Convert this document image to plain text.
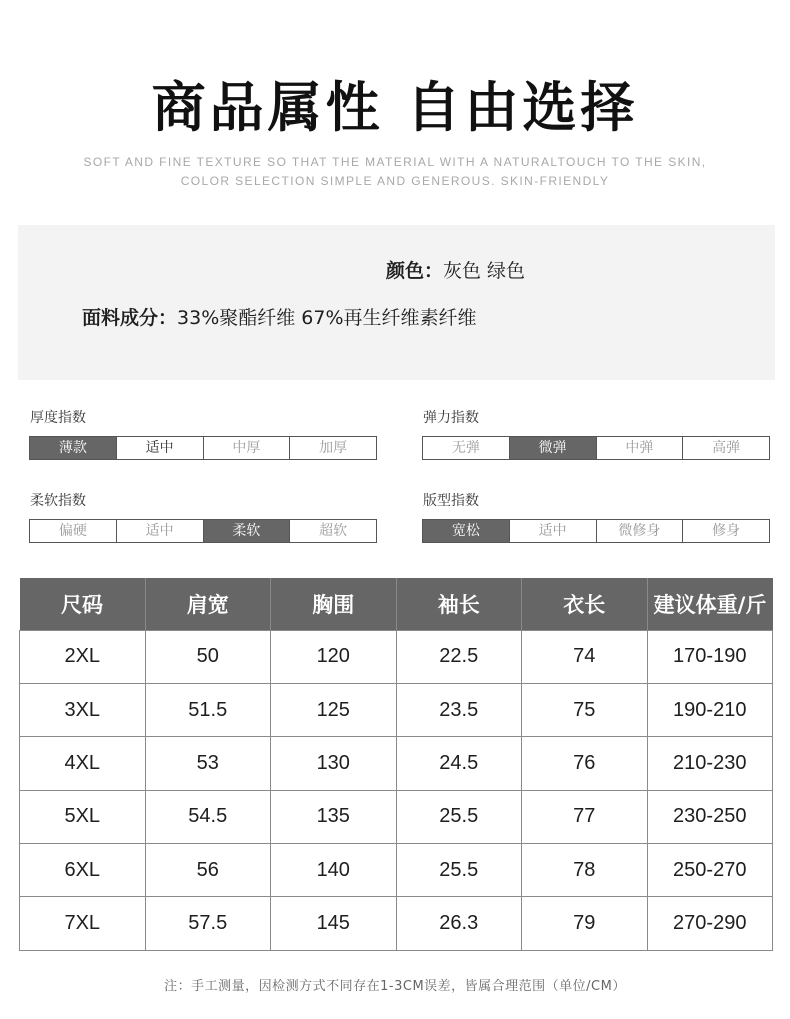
商品属性 自由选择
SOFT AND FINE TEXTURE SO THAT THE MATERIAL WITH A NATURALTOUCH TO THE SKIN,
COLOR SELECTION SIMPLE AND GENEROUS. SKIN-FRIENDLY
颜色：灰色 绿色
面料成分：33%聚酯纤维 67%再生纤维素纤维
厚度指数
薄款	适中	中厚	加厚
弹力指数
无弹	微弹	中弹	高弹
柔软指数
偏硬	适中	柔软	超软
版型指数
宽松	适中	微修身	修身
尺码	肩宽	胸围	袖长	衣长	建议体重/斤
2XL	50	120	22.5	74	170-190
3XL	51.5	125	23.5	75	190-210
4XL	53	130	24.5	76	210-230
5XL	54.5	135	25.5	77	230-250
6XL	56	140	25.5	78	250-270
7XL	57.5	145	26.3	79	270-290
注：手工测量，因检测方式不同存在1-3CM误差，皆属合理范围（单位/CM）
